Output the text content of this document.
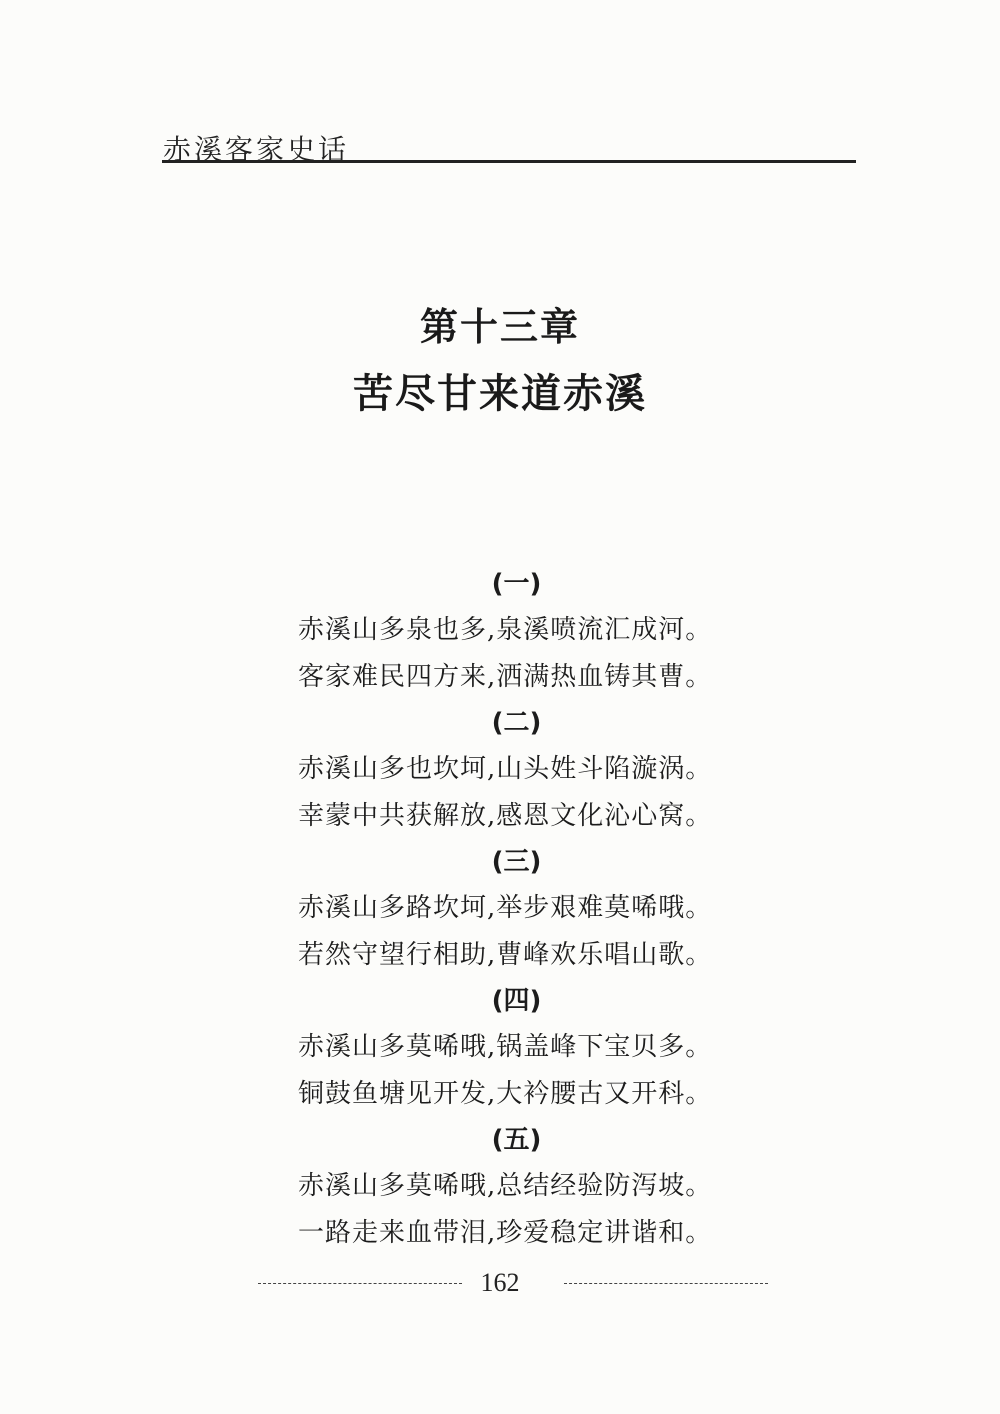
赤溪客家史话
第十三章
苦尽甘来道赤溪
(一)
赤溪山多泉也多,泉溪喷流汇成河。
客家难民四方来,洒满热血铸其曹。
(二)
赤溪山多也坎坷,山头姓斗陷漩涡。
幸蒙中共获解放,感恩文化沁心窝。
(三)
赤溪山多路坎坷,举步艰难莫唏哦。
若然守望行相助,曹峰欢乐唱山歌。
(四)
赤溪山多莫唏哦,锅盖峰下宝贝多。
铜鼓鱼塘见开发,大衿腰古又开科。
(五)
赤溪山多莫唏哦,总结经验防泻坡。
一路走来血带泪,珍爱稳定讲谐和。
162
